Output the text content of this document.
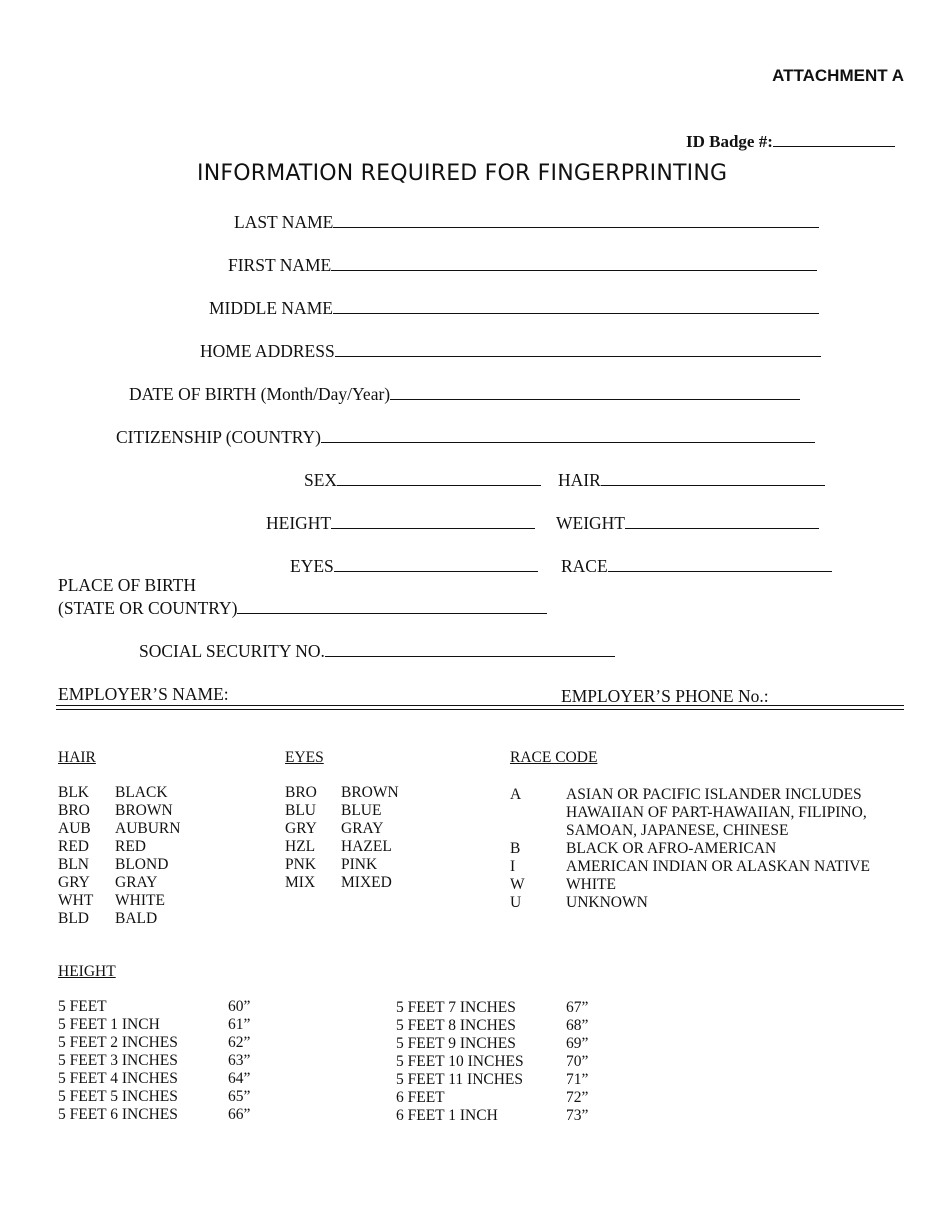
ATTACHMENT A
ID Badge #:
INFORMATION REQUIRED FOR FINGERPRINTING
LAST NAME
FIRST NAME
MIDDLE NAME
HOME ADDRESS
DATE OF BIRTH (Month/Day/Year)
CITIZENSHIP (COUNTRY)
SEX	HAIR
HEIGHT	WEIGHT
EYES	RACE
PLACE OF BIRTH
(STATE OR COUNTRY)
SOCIAL SECURITY NO.
EMPLOYER’S NAME:	EMPLOYER’S PHONE No.:
HAIR	EYES	RACE CODE
BLK	BLACK
BRO	BROWN
AUB	AUBURN
RED	RED
BLN	BLOND
GRY	GRAY
WHT	WHITE
BLD	BALD
BRO	BROWN
BLU	BLUE
GRY	GRAY
HZL	HAZEL
PNK	PINK
MIX	MIXED
A	ASIAN OR PACIFIC ISLANDER INCLUDES
	HAWAIIAN OF PART-HAWAIIAN, FILIPINO,
	SAMOAN, JAPANESE, CHINESE
B	BLACK OR AFRO-AMERICAN
I	AMERICAN INDIAN OR ALASKAN NATIVE
W	WHITE
U	UNKNOWN
HEIGHT
5 FEET	60”
5 FEET 1 INCH	61”
5 FEET 2 INCHES	62”
5 FEET 3 INCHES	63”
5 FEET 4 INCHES	64”
5 FEET 5 INCHES	65”
5 FEET 6 INCHES	66”
5 FEET 7 INCHES	67”
5 FEET 8 INCHES	68”
5 FEET 9 INCHES	69”
5 FEET 10 INCHES	70”
5 FEET 11 INCHES	71”
6 FEET	72”
6 FEET 1 INCH	73”
